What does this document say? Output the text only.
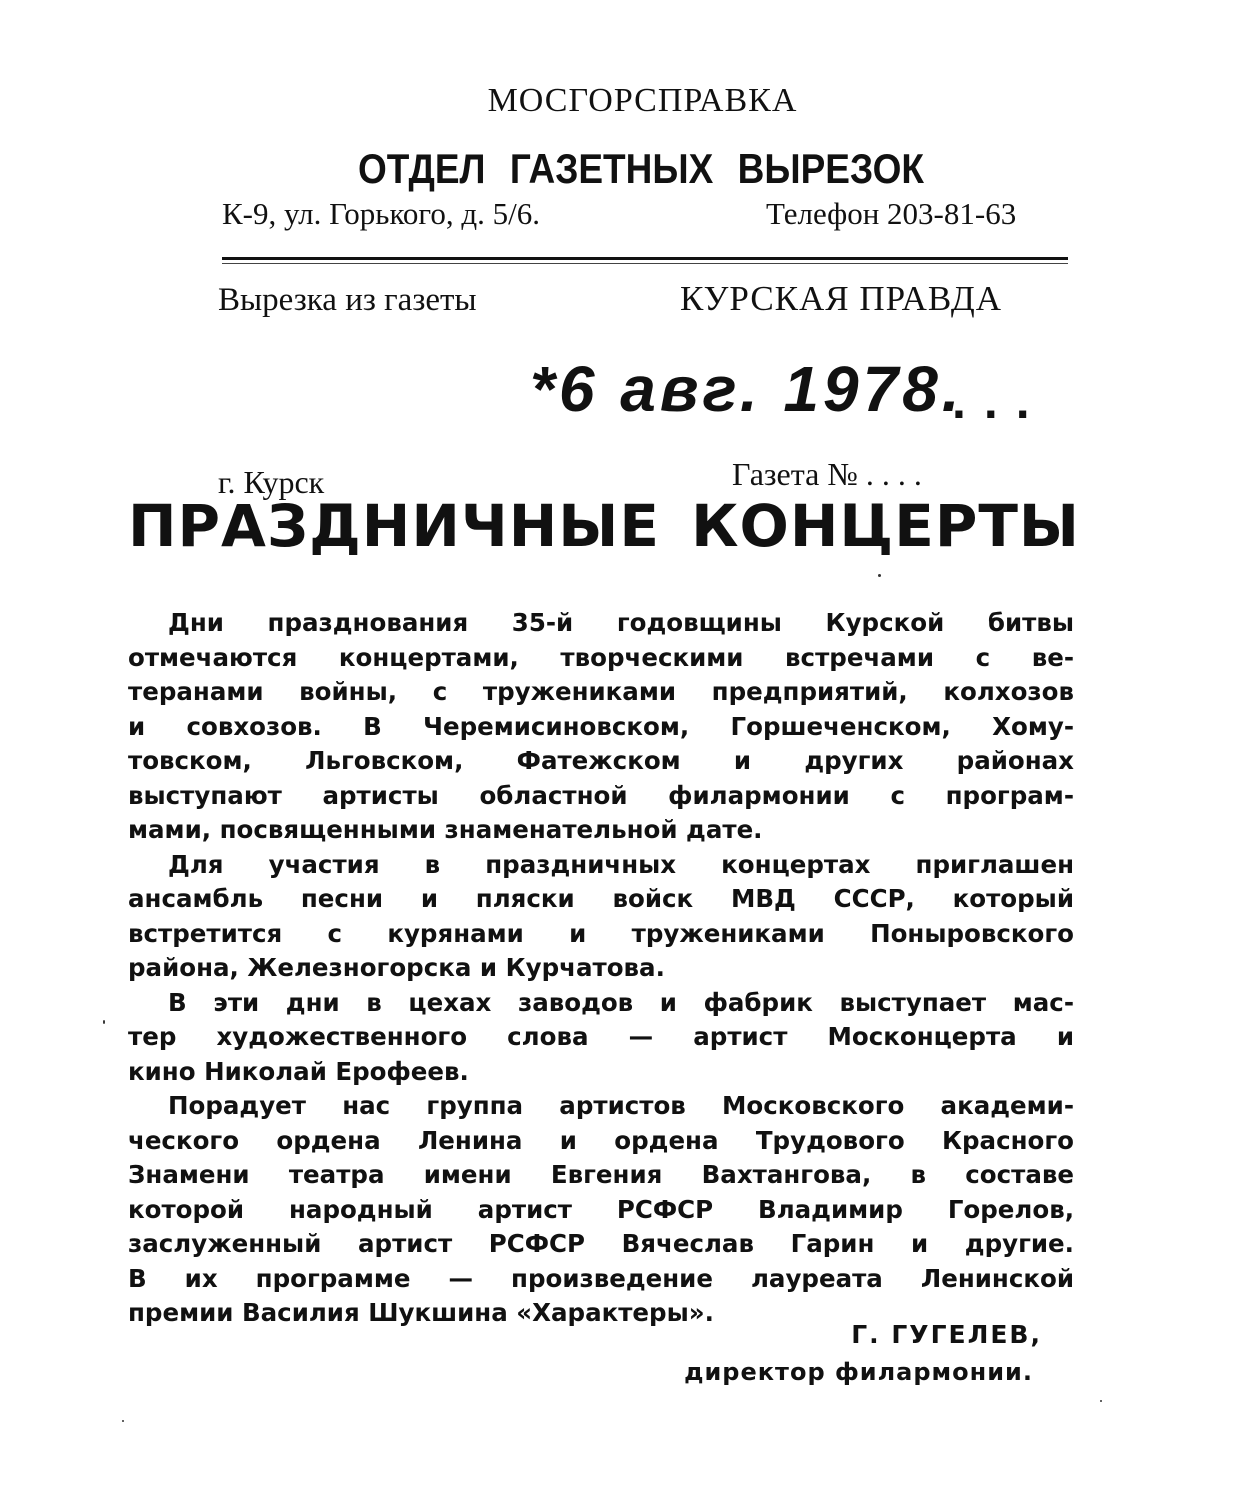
МОСГОРСПРАВКА
ОТДЕЛ ГАЗЕТНЫХ ВЫРЕЗОК
К-9, ул. Горького, д. 5/6.	Телефон 203-81-63
Вырезка из газеты	КУРСКАЯ ПРАВДА
*6 авг. 1978.
...
г. Курск	Газета № . . . .
ПРАЗДНИЧНЫЕ КОНЦЕРТЫ
Дни празднования 35-й годовщины Курской битвы
отмечаются концертами, творческими встречами с ве-
теранами войны, с тружениками предприятий, колхозов
и совхозов. В Черемисиновском, Горшеченском, Хому-
товском, Льговском, Фатежском и других районах
выступают артисты областной филармонии с програм-
мами, посвященными знаменательной дате.
Для участия в праздничных концертах приглашен
ансамбль песни и пляски войск МВД СССР, который
встретится с курянами и тружениками Поныровского
района, Железногорска и Курчатова.
В эти дни в цехах заводов и фабрик выступает мас-
тер художественного слова — артист Москонцерта и
кино Николай Ерофеев.
Порадует нас группа артистов Московского академи-
ческого ордена Ленина и ордена Трудового Красного
Знамени театра имени Евгения Вахтангова, в составе
которой народный артист РСФСР Владимир Горелов,
заслуженный артист РСФСР Вячеслав Гарин и другие.
В их программе — произведение лауреата Ленинской
премии Василия Шукшина «Характеры».
Г. ГУГЕЛЕВ,
директор филармонии.
